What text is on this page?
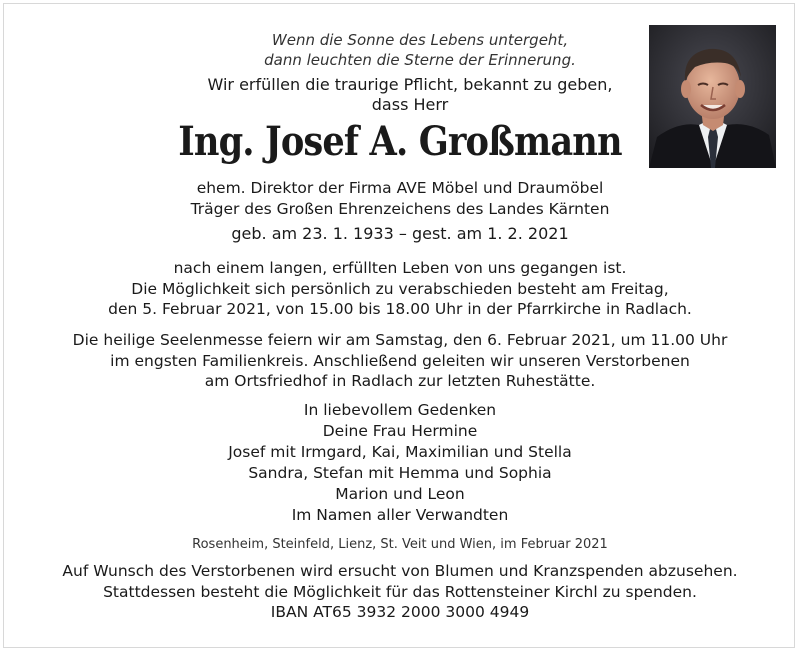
Wenn die Sonne des Lebens untergeht,

dann leuchten die Sterne der Erinnerung.

Wir erfüllen die traurige Pflicht, bekannt zu geben,

dass Herr

Ing. Josef A. Großmann

ehem. Direktor der Firma AVE Möbel und Draumöbel

Träger des Großen Ehrenzeichens des Landes Kärnten

geb. am 23. 1. 1933 – gest. am 1. 2. 2021

nach einem langen, erfüllten Leben von uns gegangen ist.

Die Möglichkeit sich persönlich zu verabschieden besteht am Freitag,

den 5. Februar 2021, von 15.00 bis 18.00 Uhr in der Pfarrkirche in Radlach.

Die heilige Seelenmesse feiern wir am Samstag, den 6. Februar 2021, um 11.00 Uhr

im engsten Familienkreis. Anschließend geleiten wir unseren Verstorbenen

am Ortsfriedhof in Radlach zur letzten Ruhestätte.

In liebevollem Gedenken

Deine Frau Hermine

Josef mit Irmgard, Kai, Maximilian und Stella

Sandra, Stefan mit Hemma und Sophia

Marion und Leon

Im Namen aller Verwandten

Rosenheim, Steinfeld, Lienz, St. Veit und Wien, im Februar 2021

Auf Wunsch des Verstorbenen wird ersucht von Blumen und Kranzspenden abzusehen.

Stattdessen besteht die Möglichkeit für das Rottensteiner Kirchl zu spenden.

IBAN AT65 3932 2000 3000 4949
